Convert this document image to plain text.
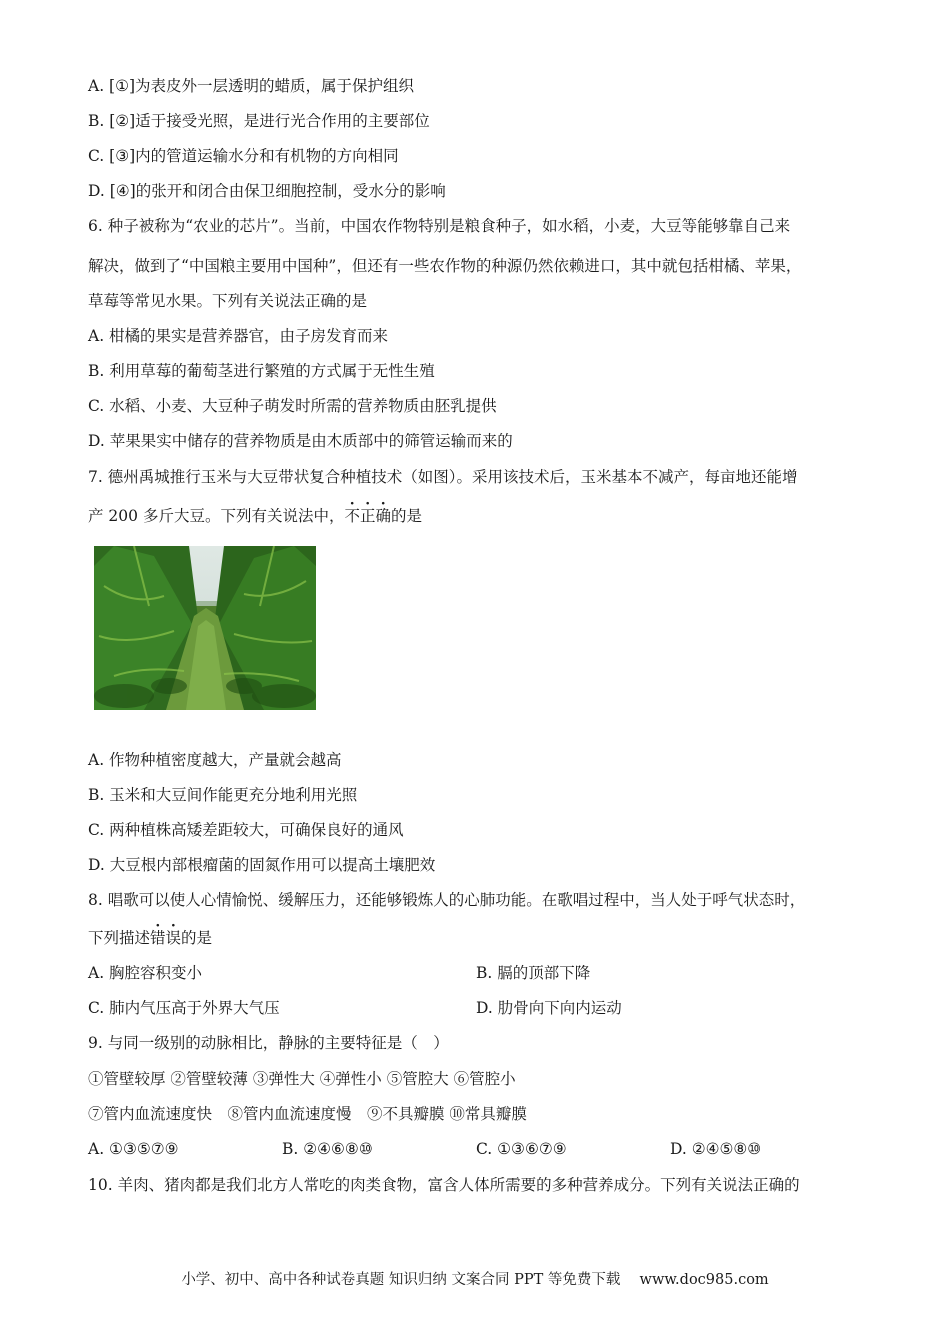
A. [①]为表皮外一层透明的蜡质，属于保护组织
B. [②]适于接受光照，是进行光合作用的主要部位
C. [③]内的管道运输水分和有机物的方向相同
D. [④]的张开和闭合由保卫细胞控制，受水分的影响
6. 种子被称为“农业的芯片”。当前，中国农作物特别是粮食种子，如水稻，小麦，大豆等能够靠自己来
解决，做到了“中国粮主要用中国种”，但还有一些农作物的种源仍然依赖进口，其中就包括柑橘、苹果，
草莓等常见水果。下列有关说法正确的是
A. 柑橘的果实是营养器官，由子房发育而来
B. 利用草莓的葡萄茎进行繁殖的方式属于无性生殖
C. 水稻、小麦、大豆种子萌发时所需的营养物质由胚乳提供
D. 苹果果实中储存的营养物质是由木质部中的筛管运输而来的
7. 德州禹城推行玉米与大豆带状复合种植技术（如图）。采用该技术后，玉米基本不减产，每亩地还能增
产 200 多斤大豆。下列有关说法中，不正确的是
A. 作物种植密度越大，产量就会越高
B. 玉米和大豆间作能更充分地利用光照
C. 两种植株高矮差距较大，可确保良好的通风
D. 大豆根内部根瘤菌的固氮作用可以提高土壤肥效
8. 唱歌可以使人心情愉悦、缓解压力，还能够锻炼人的心肺功能。在歌唱过程中，当人处于呼气状态时，
下列描述错误的是
A. 胸腔容积变小	B. 膈的顶部下降
C. 肺内气压高于外界大气压	D. 肋骨向下向内运动
9. 与同一级别的动脉相比，静脉的主要特征是（　）
①管壁较厚 ②管壁较薄 ③弹性大 ④弹性小 ⑤管腔大 ⑥管腔小
⑦管内血流速度快　⑧管内血流速度慢　⑨不具瓣膜 ⑩常具瓣膜
A. ①③⑤⑦⑨	B. ②④⑥⑧⑩	C. ①③⑥⑦⑨	D. ②④⑤⑧⑩
10. 羊肉、猪肉都是我们北方人常吃的肉类食物，富含人体所需要的多种营养成分。下列有关说法正确的
小学、初中、高中各种试卷真题 知识归纳 文案合同 PPT 等免费下载　 www.doc985.com
